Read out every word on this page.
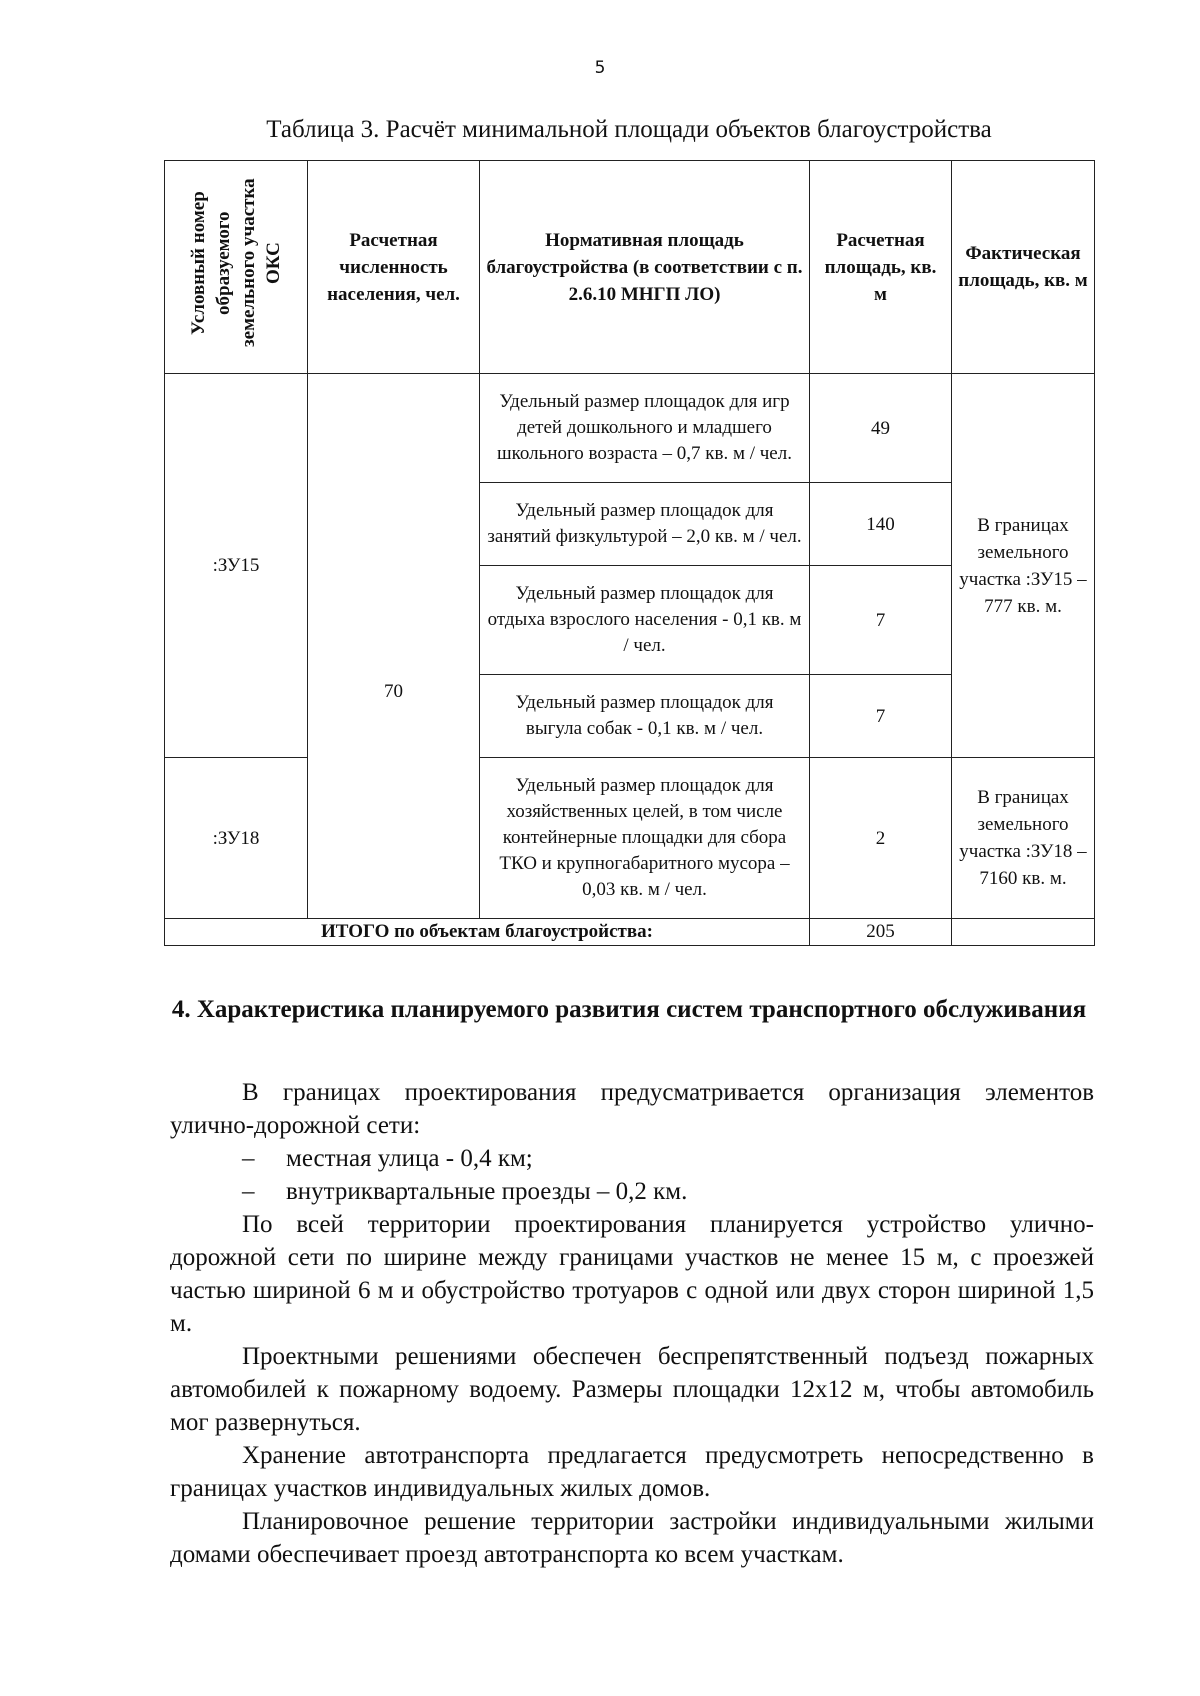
5
Таблица 3. Расчёт минимальной площади объектов благоустройства
Условный номер образуемого земельного участка ОКС	Расчетная численность населения, чел.	Нормативная площадь благоустройства (в соответствии с п. 2.6.10 МНГП ЛО)	Расчетная площадь, кв. м	Фактическая площадь, кв. м
:ЗУ15	70	Удельный размер площадок для игр детей дошкольного и младшего школьного возраста – 0,7 кв. м / чел.	49	В границах земельного участка :ЗУ15 – 777 кв. м.
		Удельный размер площадок для занятий физкультурой – 2,0 кв. м / чел.	140	
		Удельный размер площадок для отдыха взрослого населения - 0,1 кв. м / чел.	7	
		Удельный размер площадок для выгула собак - 0,1 кв. м / чел.	7	
:ЗУ18		Удельный размер площадок для хозяйственных целей, в том числе контейнерные площадки для сбора ТКО и крупногабаритного мусора – 0,03 кв. м / чел.	2	В границах земельного участка :ЗУ18 – 7160 кв. м.
ИТОГО по объектам благоустройства:			205	
4. Характеристика планируемого развития систем транспортного обслуживания

В границах проектирования предусматривается организация элементов улично-дорожной сети:

– местная улица - 0,4 км;

– внутриквартальные проезды – 0,2 км.

По всей территории проектирования планируется устройство улично-дорожной сети по ширине между границами участков не менее 15 м, с проезжей частью шириной 6 м и обустройство тротуаров с одной или двух сторон шириной 1,5 м.

Проектными решениями обеспечен беспрепятственный подъезд пожарных автомобилей к пожарному водоему. Размеры площадки 12х12 м, чтобы автомобиль мог развернуться.

Хранение автотранспорта предлагается предусмотреть непосредственно в границах участков индивидуальных жилых домов.

Планировочное решение территории застройки индивидуальными жилыми домами обеспечивает проезд автотранспорта ко всем участкам.
